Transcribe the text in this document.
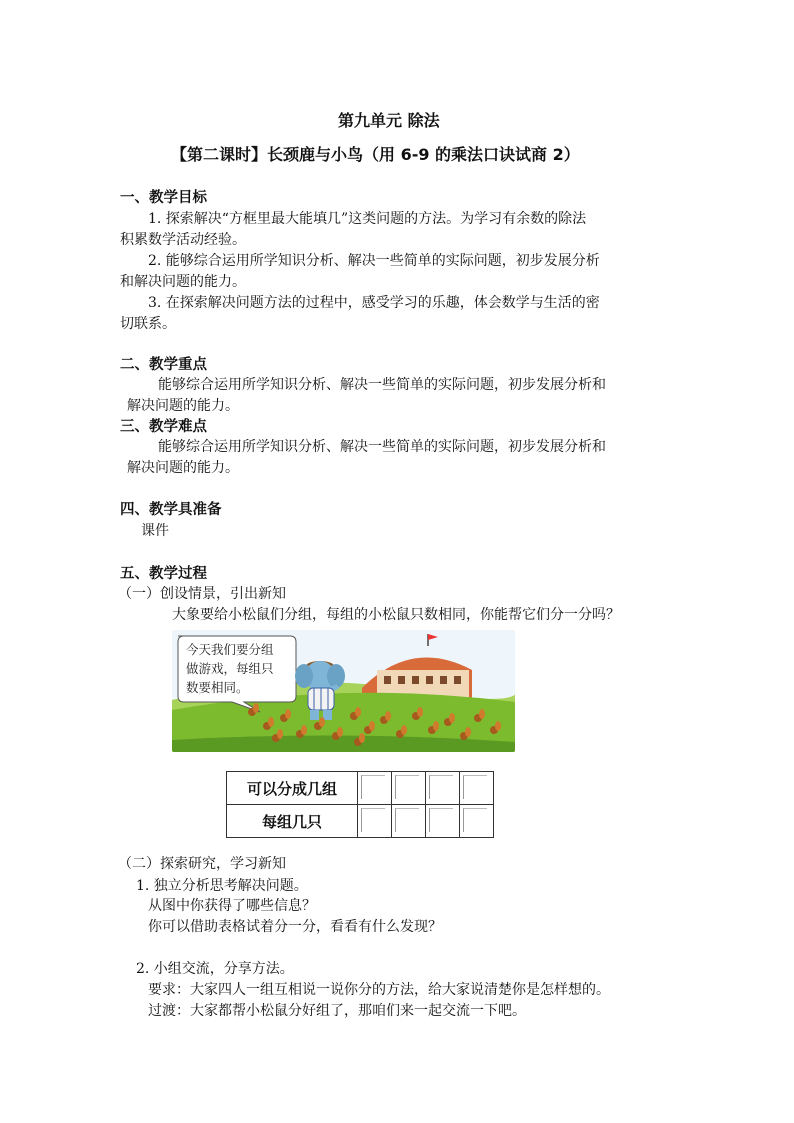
第九单元 除法
【第二课时】长颈鹿与小鸟（用 6-9 的乘法口诀试商 2）
一、教学目标
1. 探索解决“方框里最大能填几”这类问题的方法。为学习有余数的除法
积累数学活动经验。
2. 能够综合运用所学知识分析、解决一些简单的实际问题，初步发展分析
和解决问题的能力。
3. 在探索解决问题方法的过程中，感受学习的乐趣，体会数学与生活的密
切联系。
二、教学重点
能够综合运用所学知识分析、解决一些简单的实际问题，初步发展分析和
解决问题的能力。
三、教学难点
能够综合运用所学知识分析、解决一些简单的实际问题，初步发展分析和
解决问题的能力。
四、教学具准备
课件
五、教学过程
（一）创设情景，引出新知
大象要给小松鼠们分组，每组的小松鼠只数相同，你能帮它们分一分吗？
今天我们要分组
做游戏，每组只
数要相同。
可以分成几组	

每组几只	

（二）探索研究，学习新知
1. 独立分析思考解决问题。
从图中你获得了哪些信息？
你可以借助表格试着分一分，看看有什么发现？
2. 小组交流，分享方法。
要求：大家四人一组互相说一说你分的方法，给大家说清楚你是怎样想的。
过渡：大家都帮小松鼠分好组了，那咱们来一起交流一下吧。
